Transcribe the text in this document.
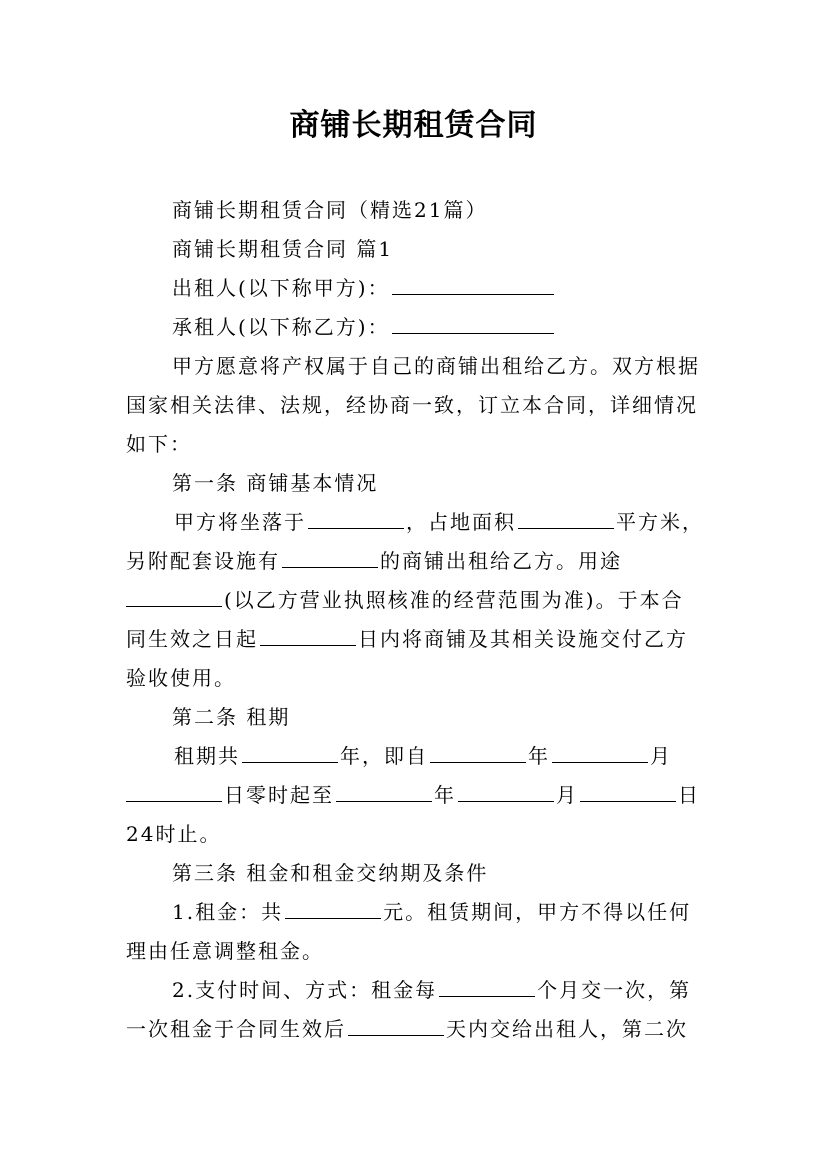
商铺长期租赁合同
商铺长期租赁合同（精选21篇）
商铺长期租赁合同 篇1
出租人(以下称甲方)：
承租人(以下称乙方)：
甲方愿意将产权属于自己的商铺出租给乙方。双方根据
国家相关法律、法规，经协商一致，订立本合同，详细情况
如下：
第一条 商铺基本情况
甲方将坐落于	，占地面积	平方米，
另附配套设施有	的商铺出租给乙方。用途
(以乙方营业执照核准的经营范围为准)。于本合
同生效之日起	日内将商铺及其相关设施交付乙方
验收使用。
第二条 租期
租期共	年，即自	年	月
日零时起至	年	月	日
24时止。
第三条 租金和租金交纳期及条件
1.租金：共	元。租赁期间，甲方不得以任何
理由任意调整租金。
2.支付时间、方式：租金每	个月交一次，第
一次租金于合同生效后	天内交给出租人，第二次
